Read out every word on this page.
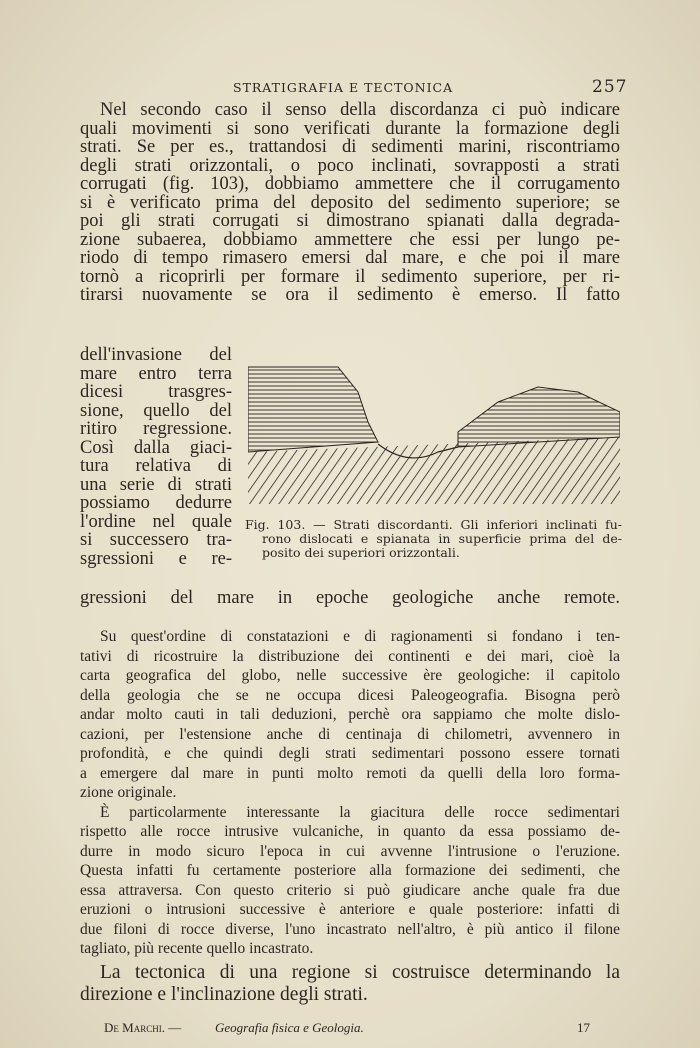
STRATIGRAFIA E TECTONICA	257
Nel secondo caso il senso della discordanza ci può indicare
quali movimenti si sono verificati durante la formazione degli
strati. Se per es., trattandosi di sedimenti marini, riscontriamo
degli strati orizzontali, o poco inclinati, sovrapposti a strati
corrugati (fig. 103), dobbiamo ammettere che il corrugamento
si è verificato prima del deposito del sedimento superiore; se
poi gli strati corrugati si dimostrano spianati dalla degrada-
zione subaerea, dobbiamo ammettere che essi per lungo pe-
riodo di tempo rimasero emersi dal mare, e che poi il mare
tornò a ricoprirli per formare il sedimento superiore, per ri-
tirarsi nuovamente se ora il sedimento è emerso. Il fatto
dell'invasione del
mare entro terra
dicesi trasgres-
sione, quello del
ritiro regressione.
Così dalla giaci-
tura relativa di
una serie di strati
possiamo dedurre
l'ordine nel quale
si successero tra-
sgressioni e re-
gressioni del mare in epoche geologiche anche remote.
Fig. 103. — Strati discordanti. Gli inferiori inclinati fu-
rono dislocati e spianata in superficie prima del de-
posito dei superiori orizzontali.
Su quest'ordine di constatazioni e di ragionamenti si fondano i ten-
tativi di ricostruire la distribuzione dei continenti e dei mari, cioè la
carta geografica del globo, nelle successive ère geologiche: il capitolo
della geologia che se ne occupa dicesi Paleogeografia. Bisogna però
andar molto cauti in tali deduzioni, perchè ora sappiamo che molte dislo-
cazioni, per l'estensione anche di centinaja di chilometri, avvennero in
profondità, e che quindi degli strati sedimentari possono essere tornati
a emergere dal mare in punti molto remoti da quelli della loro forma-
zione originale.
È particolarmente interessante la giacitura delle rocce sedimentari
rispetto alle rocce intrusive vulcaniche, in quanto da essa possiamo de-
durre in modo sicuro l'epoca in cui avvenne l'intrusione o l'eruzione.
Questa infatti fu certamente posteriore alla formazione dei sedimenti, che
essa attraversa. Con questo criterio si può giudicare anche quale fra due
eruzioni o intrusioni successive è anteriore e quale posteriore: infatti di
due filoni di rocce diverse, l'uno incastrato nell'altro, è più antico il filone
tagliato, più recente quello incastrato.
La tectonica di una regione si costruisce determinando la
direzione e l'inclinazione degli strati.
De Marchi. —	Geografia fisica e Geologia.	17
